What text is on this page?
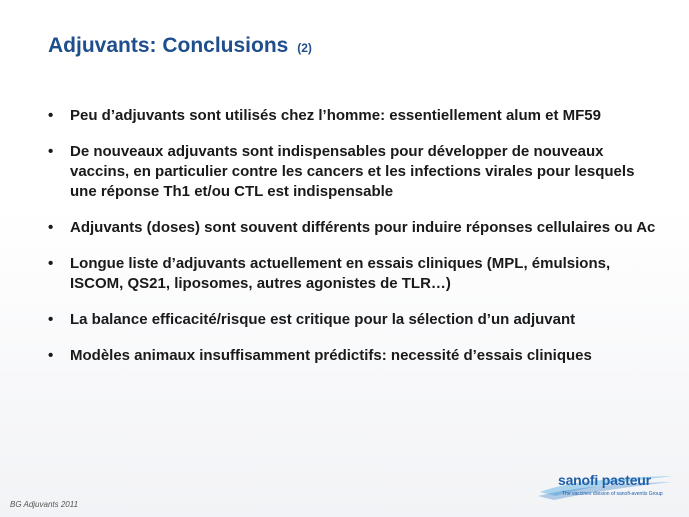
Adjuvants: Conclusions (2)
• Peu d’adjuvants sont utilisés chez l’homme: essentiellement alum et MF59
• De nouveaux adjuvants sont indispensables pour développer de nouveaux vaccins, en particulier contre les cancers et les infections virales pour lesquels une réponse Th1 et/ou CTL est indispensable
• Adjuvants (doses) sont souvent différents pour induire réponses cellulaires ou Ac
• Longue liste d’adjuvants actuellement en essais cliniques (MPL, émulsions, ISCOM, QS21, liposomes, autres agonistes de TLR…)
• La balance efficacité/risque est critique pour la sélection d’un adjuvant
• Modèles animaux insuffisamment prédictifs: necessité d’essais cliniques
BG Adjuvants 2011
sanofi pasteur
The vaccines division of sanofi-aventis Group
